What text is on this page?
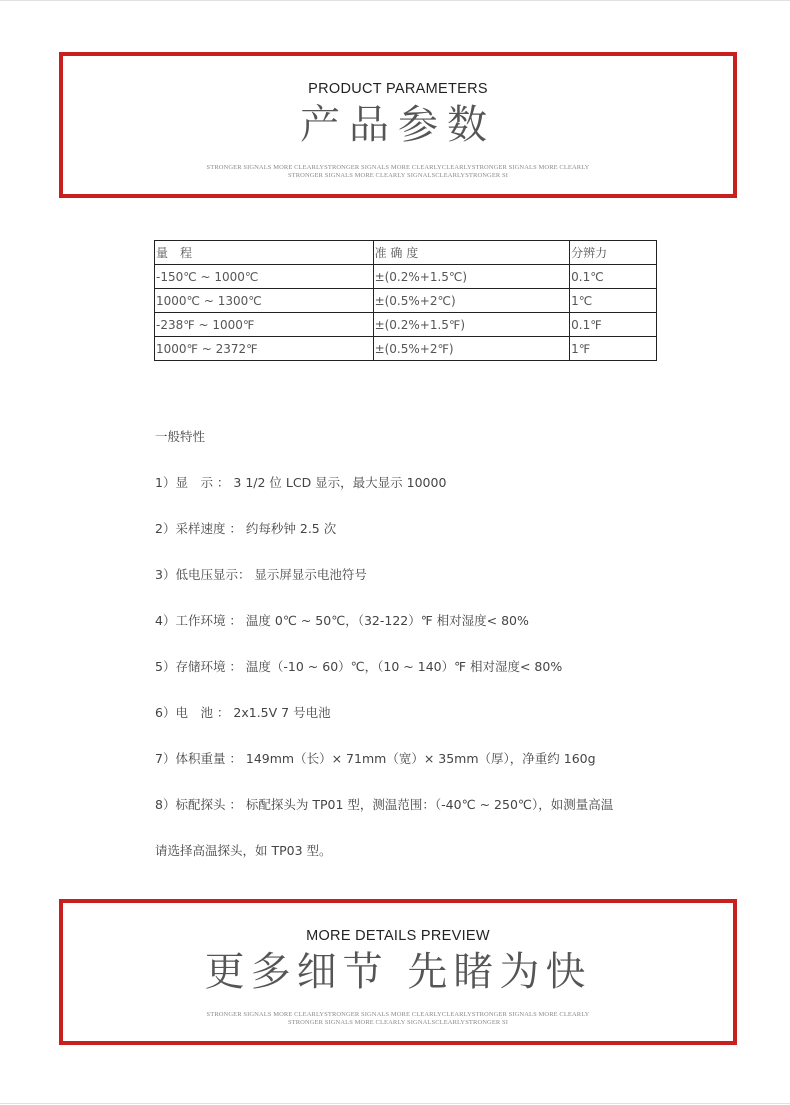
PRODUCT PARAMETERS
产品参数
STRONGER SIGNALS MORE CLEARLYSTRONGER SIGNALS MORE CLEARLYCLEARLYSTRONGER SIGNALS MORE CLEARLY
STRONGER SIGNALS MORE CLEARLY SIGNALSCLEARLYSTRONGER SI
量　程	准 确 度	分辨力
-150℃ ~ 1000℃	±(0.2%+1.5℃)	0.1℃
1000℃ ~ 1300℃	±(0.5%+2℃)	1℃
-238℉ ~ 1000℉	±(0.2%+1.5℉)	0.1℉
1000℉ ~ 2372℉	±(0.5%+2℉)	1℉
一般特性
1）显　示 ： 3 1/2 位 LCD 显示，最大显示 10000
2）采样速度 ： 约每秒钟 2.5 次
3）低电压显示： 显示屏显示电池符号
4）工作环境 ： 温度 0℃ ~ 50℃，（32-122）℉ 相对湿度< 80%
5）存储环境 ： 温度（-10 ~ 60）℃，（10 ~ 140）℉ 相对湿度< 80%
6）电　池 ： 2x1.5V 7 号电池
7）体积重量 ： 149mm（长）× 71mm（宽）× 35mm（厚），净重约 160g
8）标配探头 ： 标配探头为 TP01 型，测温范围：（-40℃ ~ 250℃），如测量高温
请选择高温探头，如 TP03 型。
MORE DETAILS PREVIEW
更多细节 先睹为快
STRONGER SIGNALS MORE CLEARLYSTRONGER SIGNALS MORE CLEARLYCLEARLYSTRONGER SIGNALS MORE CLEARLY
STRONGER SIGNALS MORE CLEARLY SIGNALSCLEARLYSTRONGER SI
